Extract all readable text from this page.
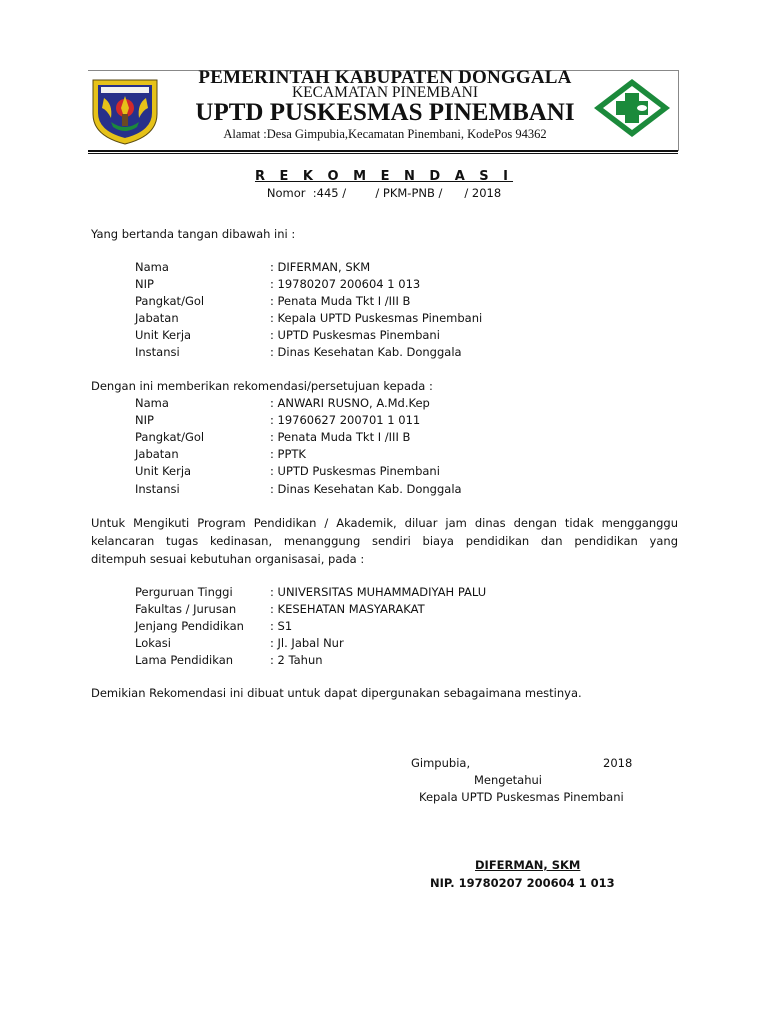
PEMERINTAH KABUPATEN DONGGALA
KECAMATAN PINEMBANI
UPTD PUSKESMAS PINEMBANI
Alamat :Desa Gimpubia,Kecamatan Pinembani, KodePos 94362
R E K O M E N D A S I
Nomor  :445 /        / PKM-PNB /      / 2018
Yang bertanda tangan dibawah ini :
Nama	: DIFERMAN, SKM
NIP	: 19780207 200604 1 013
Pangkat/Gol	: Penata Muda Tkt I /III B
Jabatan	: Kepala UPTD Puskesmas Pinembani
Unit Kerja	: UPTD Puskesmas Pinembani
Instansi	: Dinas Kesehatan Kab. Donggala
Dengan ini memberikan rekomendasi/persetujuan kepada :
Nama	: ANWARI RUSNO, A.Md.Kep
NIP	: 19760627 200701 1 011
Pangkat/Gol	: Penata Muda Tkt I /III B
Jabatan	: PPTK
Unit Kerja	: UPTD Puskesmas Pinembani
Instansi	: Dinas Kesehatan Kab. Donggala
Untuk Mengikuti Program Pendidikan / Akademik, diluar jam dinas dengan tidak mengganggu
kelancaran tugas kedinasan, menanggung sendiri biaya pendidikan dan pendidikan yang
ditempuh sesuai kebutuhan organisasai, pada :
Perguruan Tinggi	: UNIVERSITAS MUHAMMADIYAH PALU
Fakultas / Jurusan	: KESEHATAN MASYARAKAT
Jenjang Pendidikan : S1
Lokasi	: Jl. Jabal Nur
Lama Pendidikan	: 2 Tahun
Demikian Rekomendasi ini dibuat untuk dapat dipergunakan sebagaimana mestinya.
Gimpubia,	2018
Mengetahui
Kepala UPTD Puskesmas Pinembani
DIFERMAN, SKM
NIP. 19780207 200604 1 013
